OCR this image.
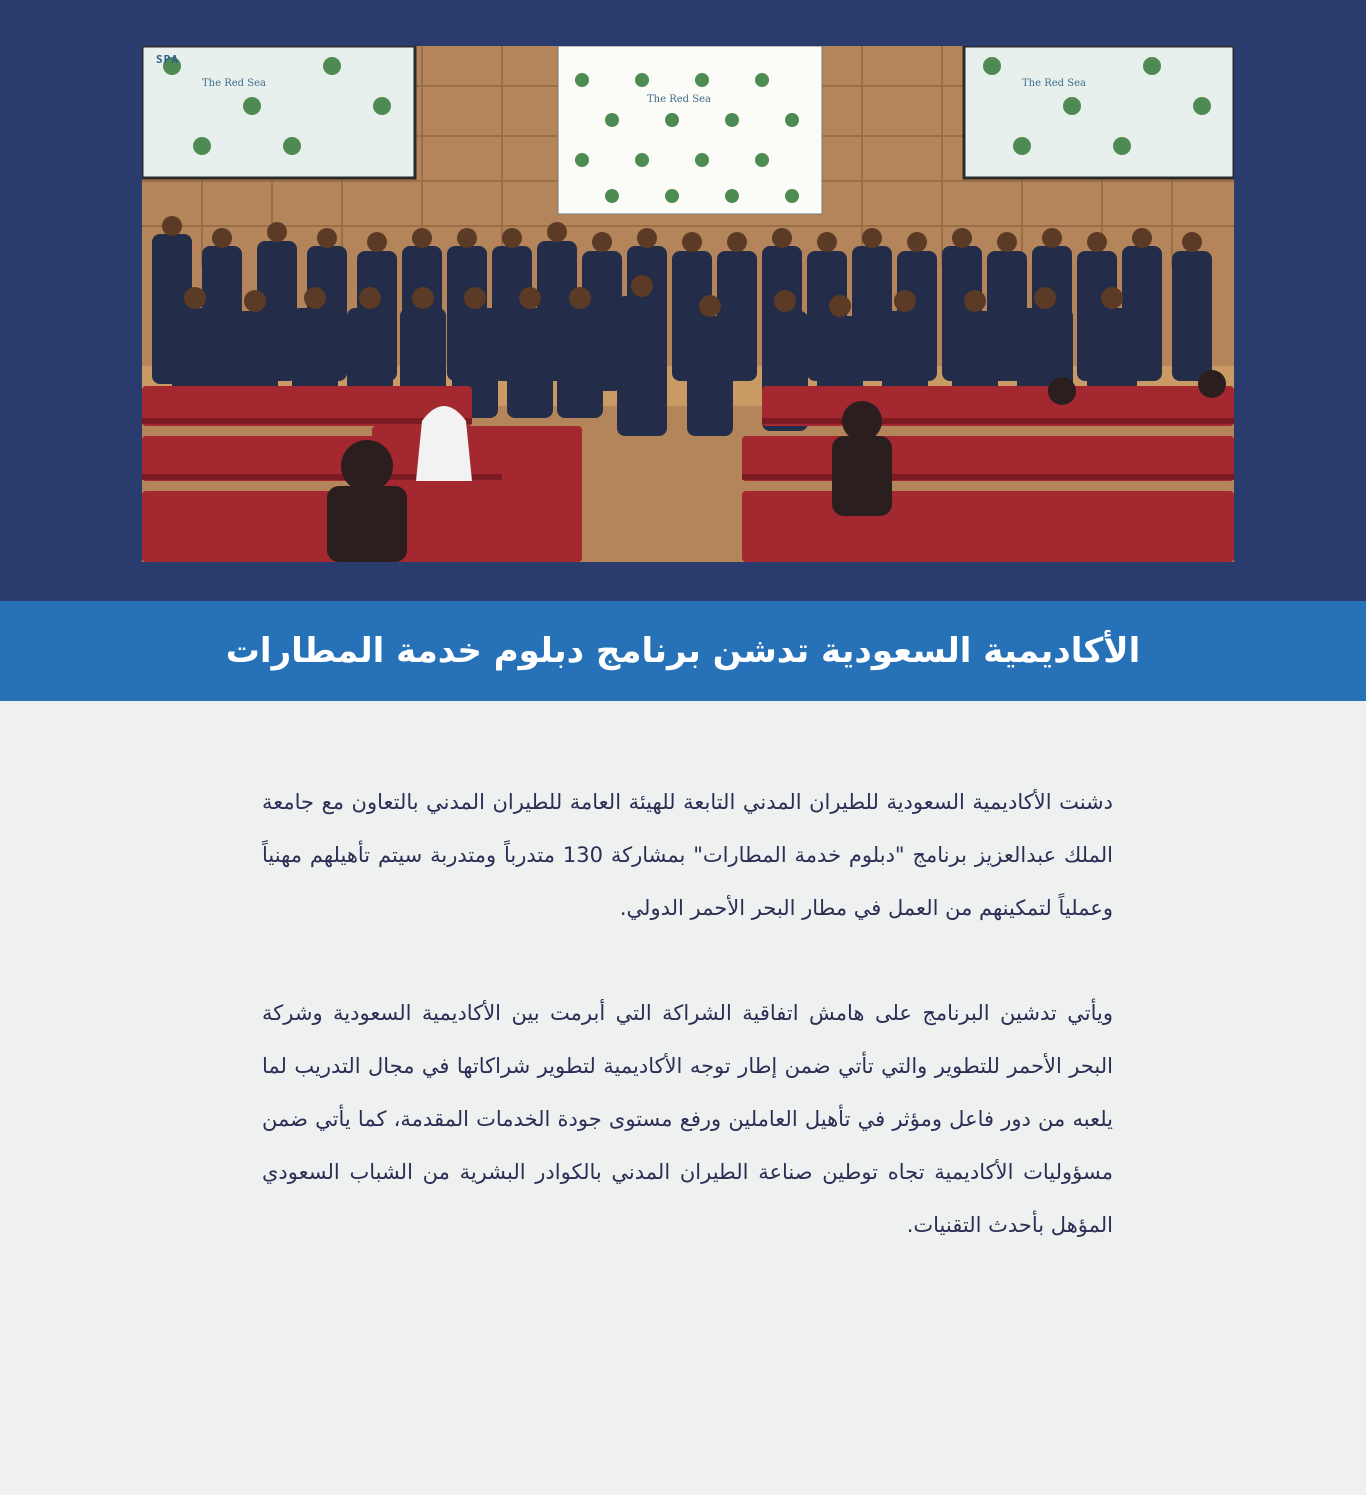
The Red Sea	The Red Sea
The Red Sea
SPA
الأكاديمية السعودية تدشن برنامج دبلوم خدمة المطارات

دشنت الأكاديمية السعودية للطيران المدني التابعة للهيئة العامة للطيران المدني بالتعاون مع جامعة الملك عبدالعزيز برنامج "دبلوم خدمة المطارات" بمشاركة 130 متدرباً ومتدربة سيتم تأهيلهم مهنياً وعملياً لتمكينهم من العمل في مطار البحر الأحمر الدولي.

ويأتي تدشين البرنامج على هامش اتفاقية الشراكة التي أبرمت بين الأكاديمية السعودية وشركة البحر الأحمر للتطوير والتي تأتي ضمن إطار توجه الأكاديمية لتطوير شراكاتها في مجال التدريب لما يلعبه من دور فاعل ومؤثر في تأهيل العاملين ورفع مستوى جودة الخدمات المقدمة، كما يأتي ضمن مسؤوليات الأكاديمية تجاه توطين صناعة الطيران المدني بالكوادر البشرية من الشباب السعودي المؤهل بأحدث التقنيات.
